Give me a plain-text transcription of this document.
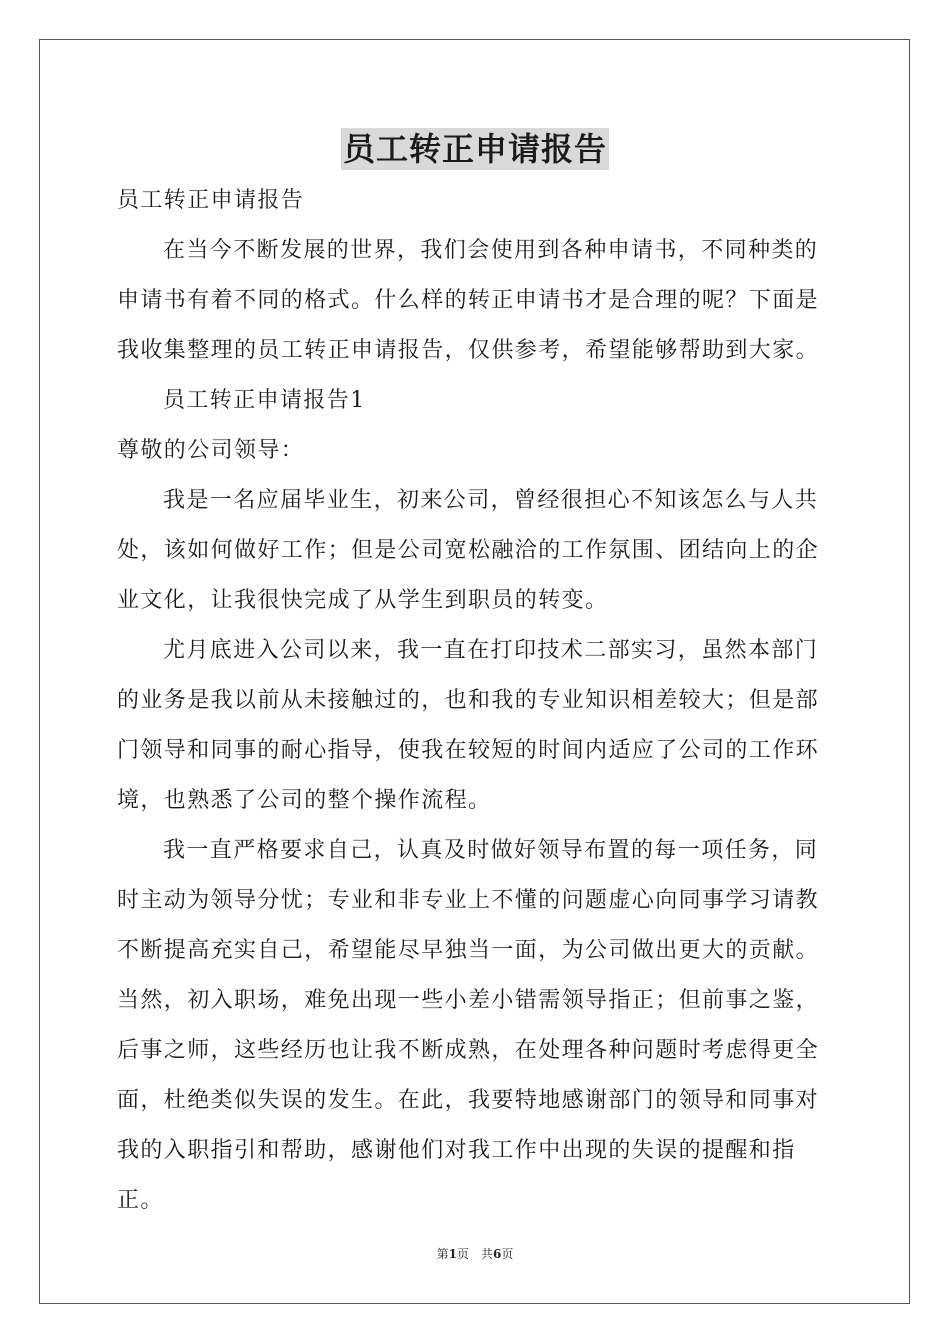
员工转正申请报告

员工转正申请报告

在当今不断发展的世界，我们会使用到各种申请书，不同种类的申请书有着不同的格式。什么样的转正申请书才是合理的呢？下面是我收集整理的员工转正申请报告，仅供参考，希望能够帮助到大家。

员工转正申请报告1

尊敬的公司领导：

我是一名应届毕业生，初来公司，曾经很担心不知该怎么与人共处，该如何做好工作；但是公司宽松融洽的工作氛围、团结向上的企业文化，让我很快完成了从学生到职员的转变。

尤月底进入公司以来，我一直在打印技术二部实习，虽然本部门的业务是我以前从未接触过的，也和我的专业知识相差较大；但是部门领导和同事的耐心指导，使我在较短的时间内适应了公司的工作环境，也熟悉了公司的整个操作流程。

我一直严格要求自己，认真及时做好领导布置的每一项任务，同时主动为领导分忧；专业和非专业上不懂的问题虚心向同事学习请教不断提高充实自己，希望能尽早独当一面，为公司做出更大的贡献。当然，初入职场，难免出现一些小差小错需领导指正；但前事之鉴，后事之师，这些经历也让我不断成熟，在处理各种问题时考虑得更全面，杜绝类似失误的发生。在此，我要特地感谢部门的领导和同事对我的入职指引和帮助，感谢他们对我工作中出现的失误的提醒和指正。

第1页　共6页
